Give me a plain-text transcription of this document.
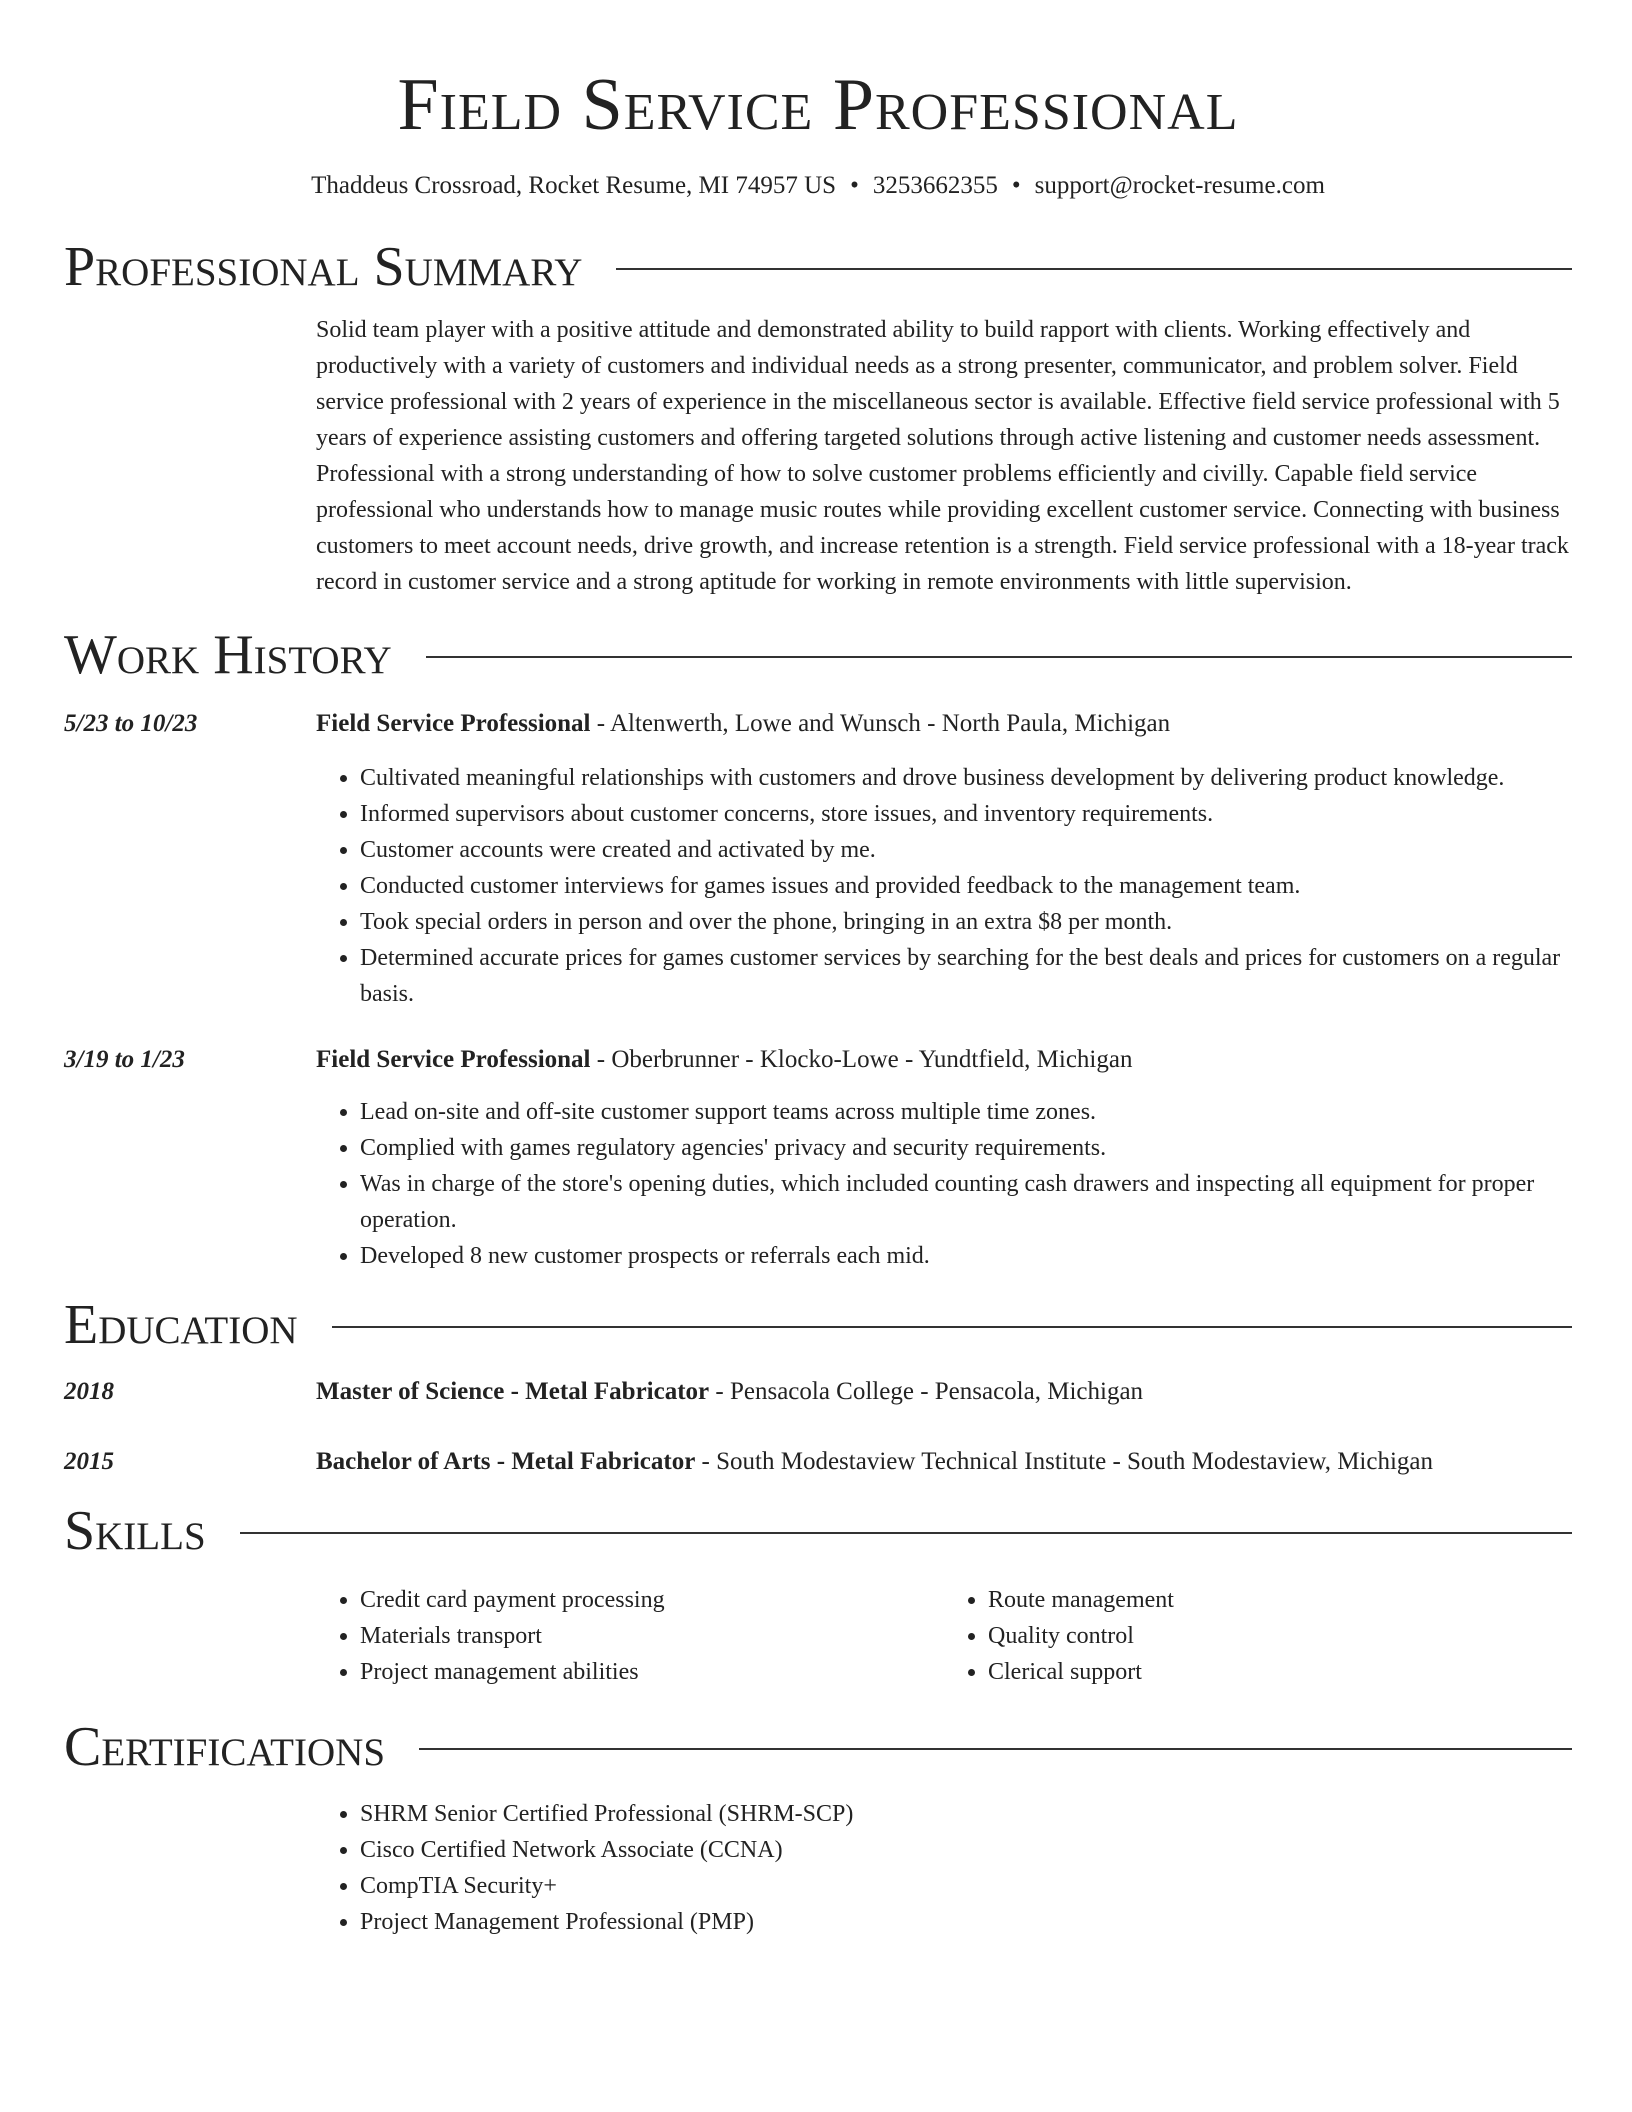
Field Service Professional
Thaddeus Crossroad, Rocket Resume, MI 74957 US • 3253662355 • support@rocket-resume.com
Professional Summary

Solid team player with a positive attitude and demonstrated ability to build rapport with clients. Working effectively and productively with a variety of customers and individual needs as a strong presenter, communicator, and problem solver. Field service professional with 2 years of experience in the miscellaneous sector is available. Effective field service professional with 5 years of experience assisting customers and offering targeted solutions through active listening and customer needs assessment. Professional with a strong understanding of how to solve customer problems efficiently and civilly. Capable field service professional who understands how to manage music routes while providing excellent customer service. Connecting with business customers to meet account needs, drive growth, and increase retention is a strength. Field service professional with a 18-year track record in customer service and a strong aptitude for working in remote environments with little supervision.

Work History
5/23 to 10/23	Field Service Professional - Altenwerth, Lowe and Wunsch - North Paula, Michigan
• Cultivated meaningful relationships with customers and drove business development by delivering product knowledge.
• Informed supervisors about customer concerns, store issues, and inventory requirements.
• Customer accounts were created and activated by me.
• Conducted customer interviews for games issues and provided feedback to the management team.
• Took special orders in person and over the phone, bringing in an extra $8 per month.
• Determined accurate prices for games customer services by searching for the best deals and prices for customers on a regular basis.
3/19 to 1/23	Field Service Professional - Oberbrunner - Klocko-Lowe - Yundtfield, Michigan
• Lead on-site and off-site customer support teams across multiple time zones.
• Complied with games regulatory agencies' privacy and security requirements.
• Was in charge of the store's opening duties, which included counting cash drawers and inspecting all equipment for proper operation.
• Developed 8 new customer prospects or referrals each mid.
Education
2018	Master of Science - Metal Fabricator - Pensacola College - Pensacola, Michigan
2015	Bachelor of Arts - Metal Fabricator - South Modestaview Technical Institute - South Modestaview, Michigan
Skills
• Credit card payment processing
• Materials transport
• Project management abilities
• Route management
• Quality control
• Clerical support
Certifications
• SHRM Senior Certified Professional (SHRM-SCP)
• Cisco Certified Network Associate (CCNA)
• CompTIA Security+
• Project Management Professional (PMP)
